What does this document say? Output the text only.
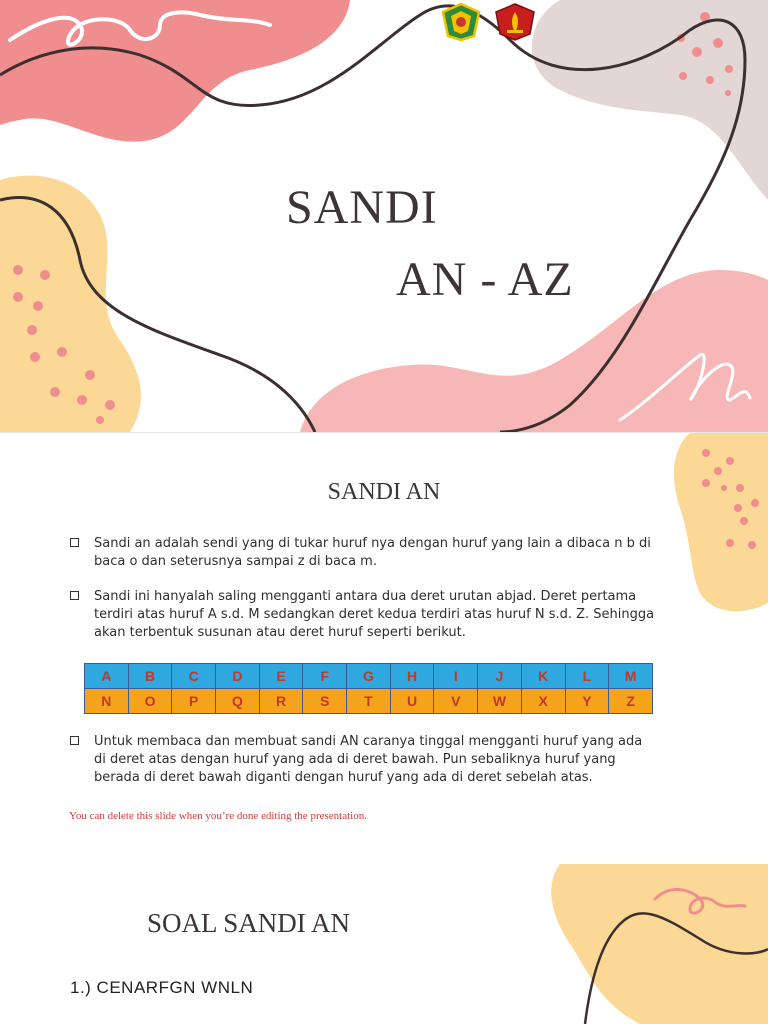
SANDI
AN - AZ
SANDI AN
Sandi an adalah sendi yang di tukar huruf nya dengan huruf yang lain a dibaca n b di baca o dan seterusnya sampai z di baca m.
Sandi ini hanyalah saling mengganti antara dua deret urutan abjad. Deret pertama terdiri atas huruf A s.d. M sedangkan deret kedua terdiri atas huruf N s.d. Z. Sehingga akan terbentuk susunan atau deret huruf seperti berikut.
A	B	C	D	E	F	G	H	I	J	K	L	M
N	O	P	Q	R	S	T	U	V	W	X	Y	Z
Untuk membaca dan membuat sandi AN caranya tinggal mengganti huruf yang ada di deret atas dengan huruf yang ada di deret bawah. Pun sebaliknya huruf yang berada di deret bawah diganti dengan huruf yang ada di deret sebelah atas.
You can delete this slide when you’re done editing the presentation.
SOAL SANDI AN
1.) CENARFGN WNLN
